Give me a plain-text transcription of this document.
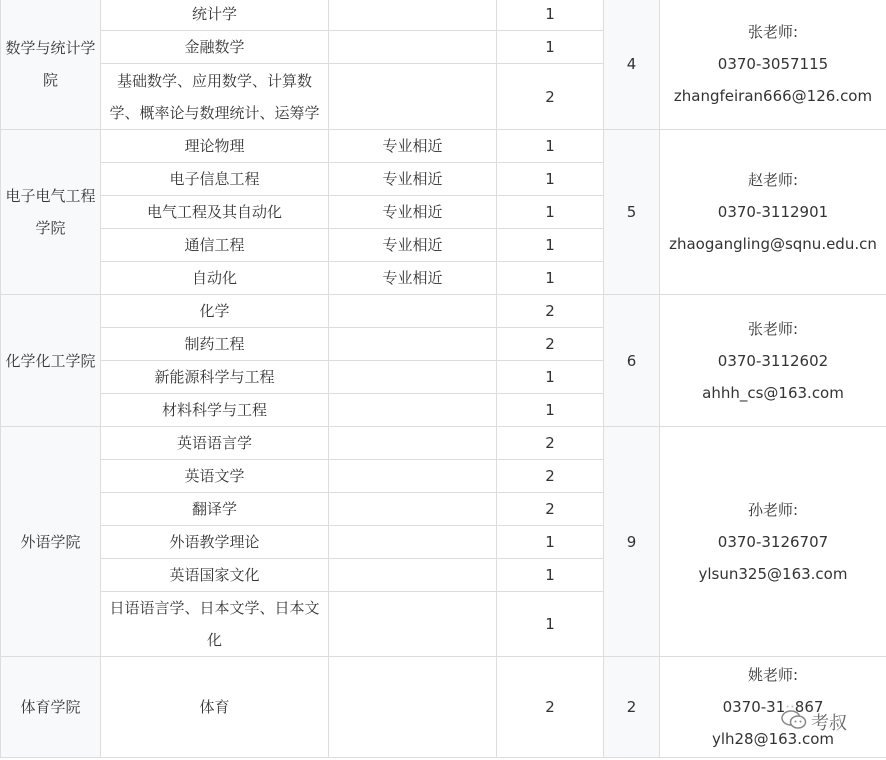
数学与统计学院	统计学		1	4	张老师:
0370-3057115
zhangfeiran666@126.com

	金融数学		1		
	基础数学、应用数学、计算数学、概率论与数理统计、运筹学		2		
电子电气工程学院	理论物理	专业相近	1	5	赵老师:
0370-3112901
zhaogangling@sqnu.edu.cn

	电子信息工程	专业相近	1		
	电气工程及其自动化	专业相近	1		
	通信工程	专业相近	1		
	自动化	专业相近	1		
化学化工学院	化学		2	6	张老师:
0370-3112602
ahhh_cs@163.com

	制药工程		2		
	新能源科学与工程		1		
	材料科学与工程		1		
外语学院	英语语言学		2	9	孙老师:
0370-3126707
ylsun325@163.com

	英语文学		2		
	翻译学		2		
	外语教学理论		1		
	英语国家文化		1		
	日语语言学、日本文学、日本文化		1		
体育学院	体育		2	2	姚老师:
0370-31··867
ylh28@163.com
考叔
